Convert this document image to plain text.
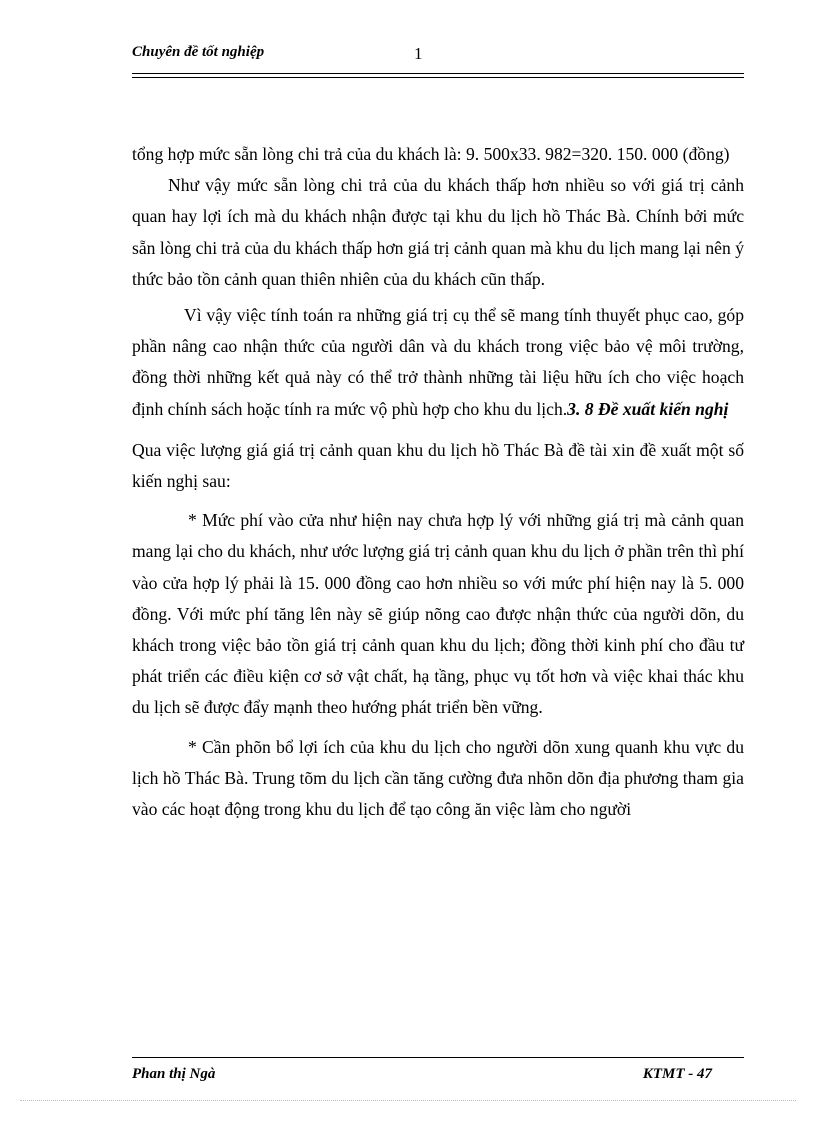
Chuyên đề tốt nghiệp	1

tổng hợp mức sẵn lòng chi trả của du khách là: 9. 500x33. 982=320. 150. 000 (đồng)

Như vậy mức sẵn lòng chi trả của du khách thấp hơn nhiều so với giá trị cảnh quan hay lợi ích mà du khách nhận được tại khu du lịch hồ Thác Bà. Chính bởi mức sẵn lòng chi trả của du khách thấp hơn giá trị cảnh quan mà khu du lịch mang lại nên ý thức bảo tồn cảnh quan thiên nhiên của du khách cũn thấp.

Vì vậy việc tính toán ra những giá trị cụ thể sẽ mang tính thuyết phục cao, góp phần nâng cao nhận thức của người dân và du khách trong việc bảo vệ môi trường, đồng thời những kết quả này có thể trở thành những tài liệu hữu ích cho việc hoạch định chính sách hoặc tính ra mức vộ phù hợp cho khu du lịch.3. 8 Đề xuất kiến nghị

Qua việc lượng giá giá trị cảnh quan khu du lịch hồ Thác Bà đề tài xin đề xuất một số kiến nghị sau:

* Mức phí vào cửa như hiện nay chưa hợp lý với những giá trị mà cảnh quan mang lại cho du khách, như ước lượng giá trị cảnh quan khu du lịch ở phần trên thì phí vào cửa hợp lý phải là 15. 000 đồng cao hơn nhiều so với mức phí hiện nay là 5. 000 đồng. Với mức phí tăng lên này sẽ giúp nõng cao được nhận thức của người dõn, du khách trong việc bảo tồn giá trị cảnh quan khu du lịch; đồng thời kinh phí cho đầu tư phát triển các điều kiện cơ sở vật chất, hạ tầng, phục vụ tốt hơn và việc khai thác khu du lịch sẽ được đẩy mạnh theo hướng phát triển bền vững.

* Cần phõn bổ lợi ích của khu du lịch cho người dõn xung quanh khu vực du lịch hồ Thác Bà. Trung tõm du lịch cần tăng cường đưa nhõn dõn địa phương tham gia vào các hoạt động trong khu du lịch để tạo công ăn việc làm cho người

Phan thị Ngà	KTMT - 47
